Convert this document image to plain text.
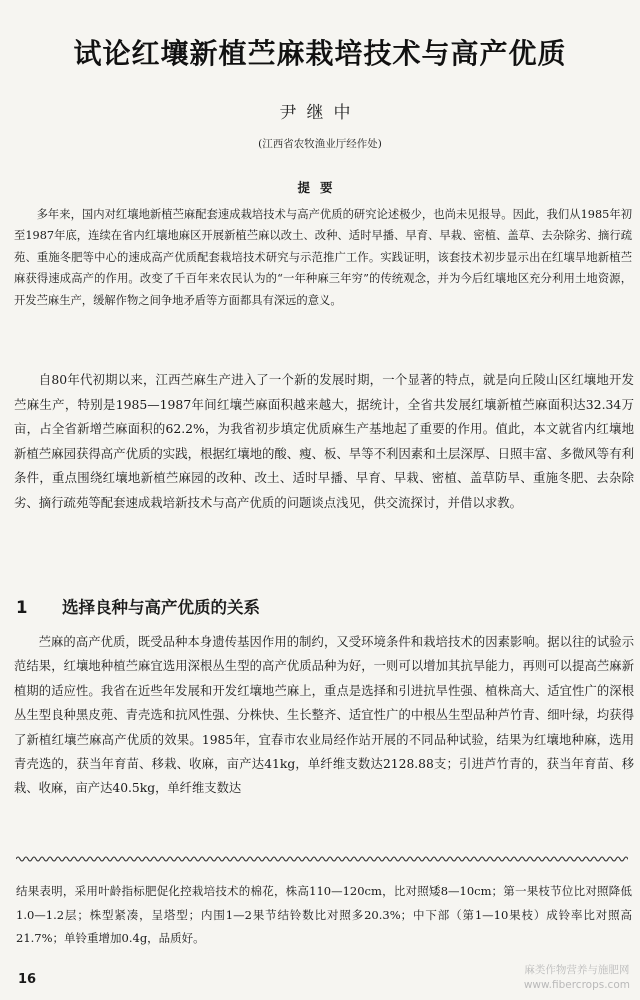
试论红壤新植苎麻栽培技术与高产优质
尹继中
(江西省农牧渔业厅经作处)
提要

多年来，国内对红壤地新植苎麻配套速成栽培技术与高产优质的研究论述极少，也尚未见报导。因此，我们从1985年初至1987年底，连续在省内红壤地麻区开展新植苎麻以改土、改种、适时早播、早育、早栽、密植、盖草、去杂除劣、摘行疏苑、重施冬肥等中心的速成高产优质配套栽培技术研究与示范推广工作。实践证明，该套技术初步显示出在红壤旱地新植苎麻获得速成高产的作用。改变了千百年来农民认为的“一年种麻三年穷”的传统观念，并为今后红壤地区充分利用土地资源，开发苎麻生产，缓解作物之间争地矛盾等方面都具有深远的意义。

自80年代初期以来，江西苎麻生产进入了一个新的发展时期，一个显著的特点，就是向丘陵山区红壤地开发苎麻生产，特别是1985—1987年间红壤苎麻面积越来越大，据统计，全省共发展红壤新植苎麻面积达32.34万亩，占全省新增苎麻面积的62.2%，为我省初步填定优质麻生产基地起了重要的作用。值此，本文就省内红壤地新植苎麻园获得高产优质的实践，根据红壤地的酸、瘦、板、旱等不利因素和土层深厚、日照丰富、多微风等有利条件，重点围绕红壤地新植苎麻园的改种、改土、适时早播、早育、早栽、密植、盖草防旱、重施冬肥、去杂除劣、摘行疏苑等配套速成栽培新技术与高产优质的问题谈点浅见，供交流探讨，并借以求教。

1 选择良种与高产优质的关系

苎麻的高产优质，既受品种本身遗传基因作用的制约，又受环境条件和栽培技术的因素影响。据以往的试验示范结果，红壤地种植苎麻宜选用深根丛生型的高产优质品种为好，一则可以增加其抗旱能力，再则可以提高苎麻新植期的适应性。我省在近些年发展和开发红壤地苎麻上，重点是选择和引进抗旱性强、植株高大、适宜性广的深根丛生型良种黑皮蔸、青壳选和抗风性强、分株快、生长整齐、适宜性广的中根丛生型品种芦竹青、细叶绿，均获得了新植红壤苎麻高产优质的效果。1985年，宜春市农业局经作站开展的不同品种试验，结果为红壤地种麻，选用青壳选的，获当年育苗、移栽、收麻，亩产达41kg，单纤维支数达2128.88支；引进芦竹青的，获当年育苗、移栽、收麻，亩产达40.5kg，单纤维支数达

结果表明，采用叶龄指标肥促化控栽培技术的棉花，株高110—120cm，比对照矮8—10cm；第一果枝节位比对照降低1.0—1.2层；株型紧凑，呈塔型；内围1—2果节结铃数比对照多20.3%；中下部（第1—10果枝）成铃率比对照高21.7%；单铃重增加0.4g，品质好。

16
麻类作物营养与施肥网
www.fibercrops.com
